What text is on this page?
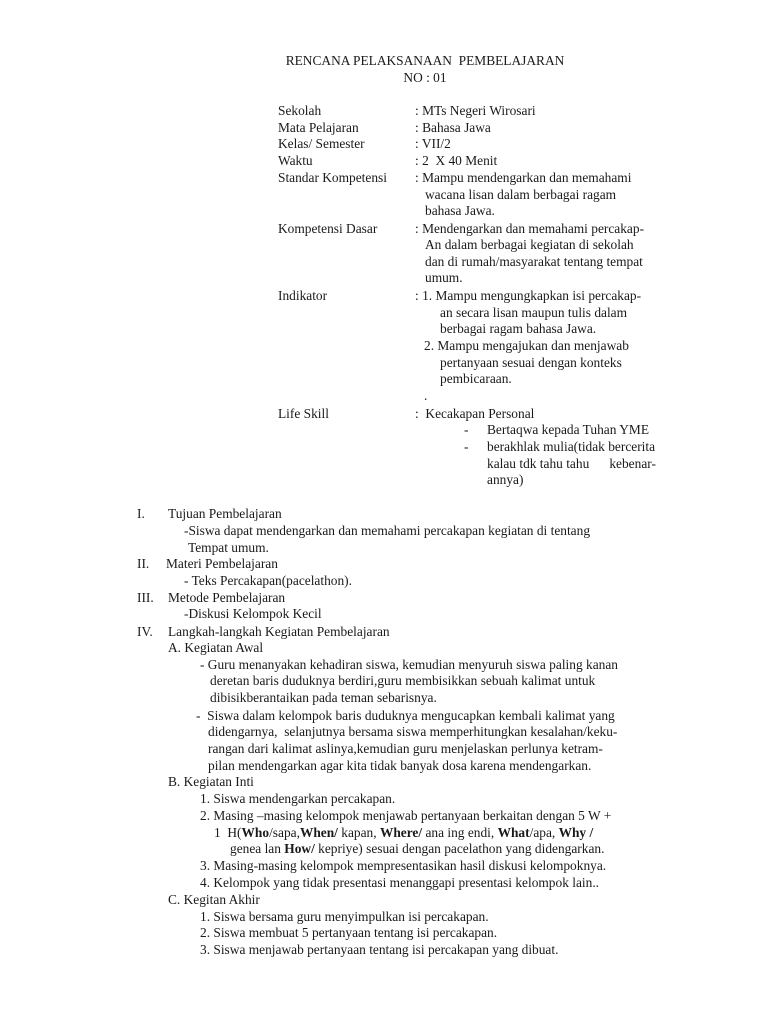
RENCANA PELAKSANAAN  PEMBELAJARAN
NO : 01
Sekolah	: MTs Negeri Wirosari
Mata Pelajaran	: Bahasa Jawa
Kelas/ Semester	: VII/2
Waktu	: 2  X 40 Menit
Standar Kompetensi : Mampu mendengarkan dan memahami
wacana lisan dalam berbagai ragam
bahasa Jawa.
Kompetensi Dasar	: Mendengarkan dan memahami percakap-
An dalam berbagai kegiatan di sekolah
dan di rumah/masyarakat tentang tempat
umum.
Indikator	: 1. Mampu mengungkapkan isi percakap-
an secara lisan maupun tulis dalam
berbagai ragam bahasa Jawa.
2. Mampu mengajukan dan menjawab
pertanyaan sesuai dengan konteks
pembicaraan.
.
Life Skill	:  Kecakapan Personal
- Bertaqwa kepada Tuhan YME
- berakhlak mulia(tidak bercerita
kalau tdk tahu tahu      kebenar-
annya)
I. Tujuan Pembelajaran
-Siswa dapat mendengarkan dan memahami percakapan kegiatan di tentang
Tempat umum.
II. Materi Pembelajaran
- Teks Percakapan(pacelathon).
III. Metode Pembelajaran
-Diskusi Kelompok Kecil
IV. Langkah-langkah Kegiatan Pembelajaran
A. Kegiatan Awal
- Guru menanyakan kehadiran siswa, kemudian menyuruh siswa paling kanan
deretan baris duduknya berdiri,guru membisikkan sebuah kalimat untuk
dibisikberantaikan pada teman sebarisnya.
-  Siswa dalam kelompok baris duduknya mengucapkan kembali kalimat yang
didengarnya,  selanjutnya bersama siswa memperhitungkan kesalahan/keku-
rangan dari kalimat aslinya,kemudian guru menjelaskan perlunya ketram-
pilan mendengarkan agar kita tidak banyak dosa karena mendengarkan.
B. Kegiatan Inti
1. Siswa mendengarkan percakapan.
2. Masing –masing kelompok menjawab pertanyaan berkaitan dengan 5 W +
1  H(Who/sapa,When/ kapan, Where/ ana ing endi, What/apa, Why /
genea lan How/ kepriye) sesuai dengan pacelathon yang didengarkan.
3. Masing-masing kelompok mempresentasikan hasil diskusi kelompoknya.
4. Kelompok yang tidak presentasi menanggapi presentasi kelompok lain..
C. Kegitan Akhir
1. Siswa bersama guru menyimpulkan isi percakapan.
2. Siswa membuat 5 pertanyaan tentang isi percakapan.
3. Siswa menjawab pertanyaan tentang isi percakapan yang dibuat.
